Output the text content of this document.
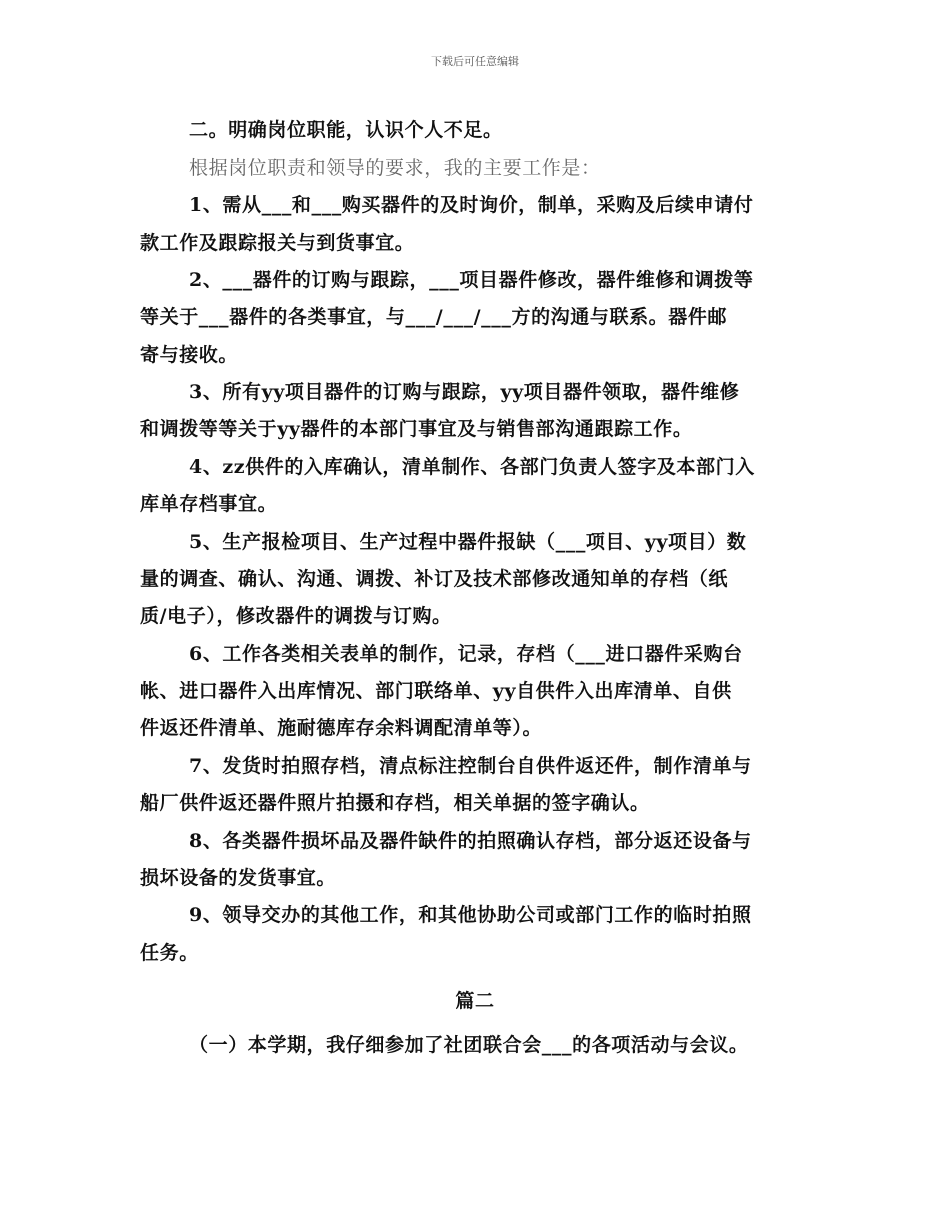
下载后可任意编辑
二。明确岗位职能，认识个人不足。
根据岗位职责和领导的要求，我的主要工作是：
1、需从___和___购买器件的及时询价，制单，采购及后续申请付
款工作及跟踪报关与到货事宜。
2、___器件的订购与跟踪，___项目器件修改，器件维修和调拨等
等关于___器件的各类事宜，与___/___/___方的沟通与联系。器件邮
寄与接收。
3、所有yy项目器件的订购与跟踪，yy项目器件领取，器件维修
和调拨等等关于yy器件的本部门事宜及与销售部沟通跟踪工作。
4、zz供件的入库确认，清单制作、各部门负责人签字及本部门入
库单存档事宜。
5、生产报检项目、生产过程中器件报缺（___项目、yy项目）数
量的调查、确认、沟通、调拨、补订及技术部修改通知单的存档（纸
质/电子），修改器件的调拨与订购。
6、工作各类相关表单的制作，记录，存档（___进口器件采购台
帐、进口器件入出库情况、部门联络单、yy自供件入出库清单、自供
件返还件清单、施耐德库存余料调配清单等）。
7、发货时拍照存档，清点标注控制台自供件返还件，制作清单与
船厂供件返还器件照片拍摄和存档，相关单据的签字确认。
8、各类器件损坏品及器件缺件的拍照确认存档，部分返还设备与
损坏设备的发货事宜。
9、领导交办的其他工作，和其他协助公司或部门工作的临时拍照
任务。
篇二
（一）本学期，我仔细参加了社团联合会___的各项活动与会议。
